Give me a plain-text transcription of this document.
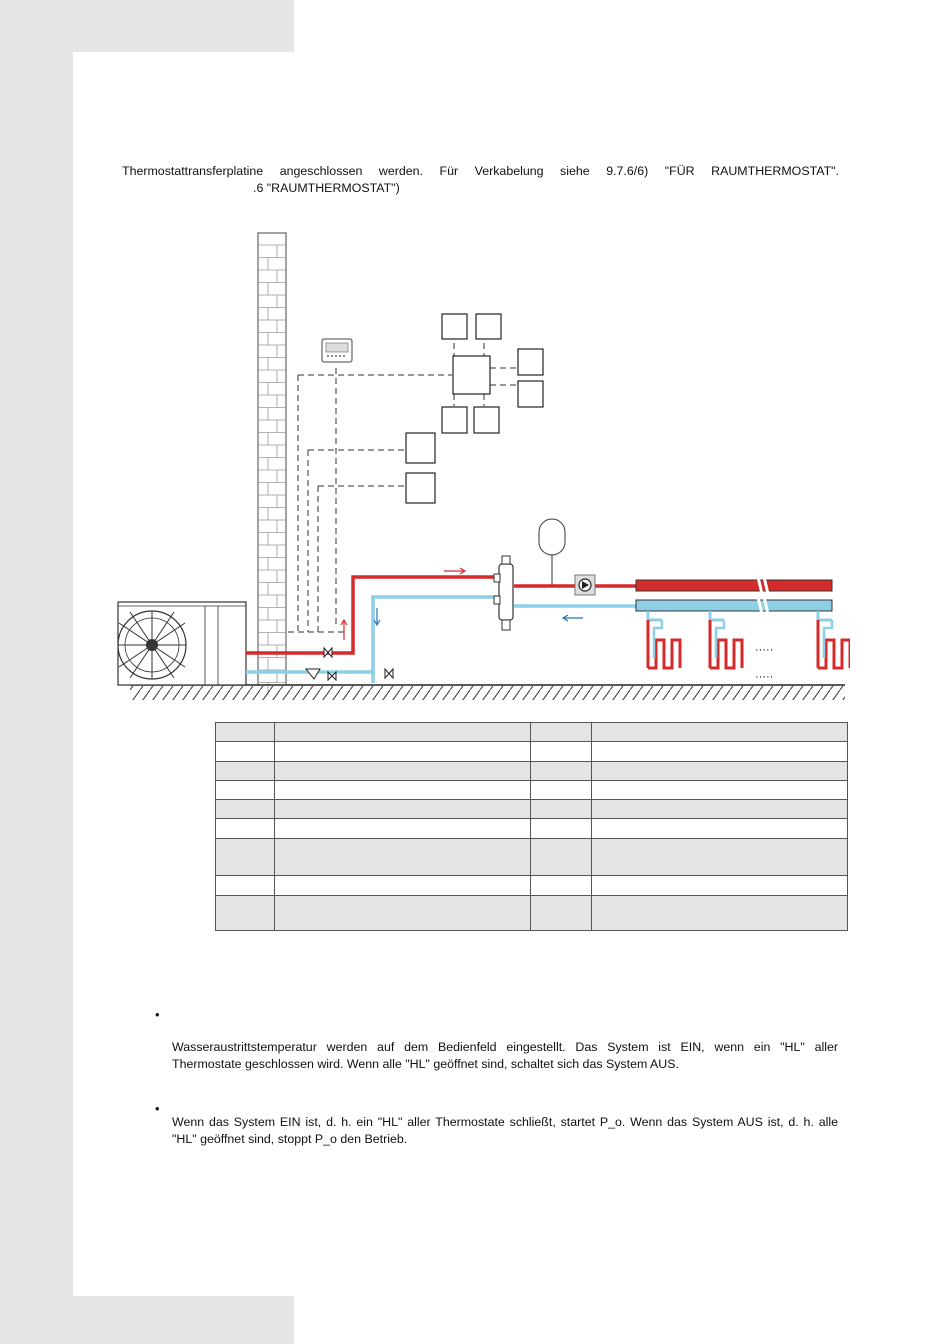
Thermostattransferplatine angeschlossen werden. Für Verkabelung siehe 9.7.6/6) "FÜR RAUMTHERMOSTAT".
.6 "RAUMTHERMOSTAT")
·····
·····

•
Wasseraustrittstemperatur werden auf dem Bedienfeld eingestellt. Das System ist EIN, wenn ein "HL" aller
Thermostate geschlossen wird. Wenn alle "HL" geöffnet sind, schaltet sich das System AUS.
•
Wenn das System EIN ist, d. h. ein "HL" aller Thermostate schließt, startet P_o. Wenn das System AUS ist, d. h. alle
"HL" geöffnet sind, stoppt P_o den Betrieb.
